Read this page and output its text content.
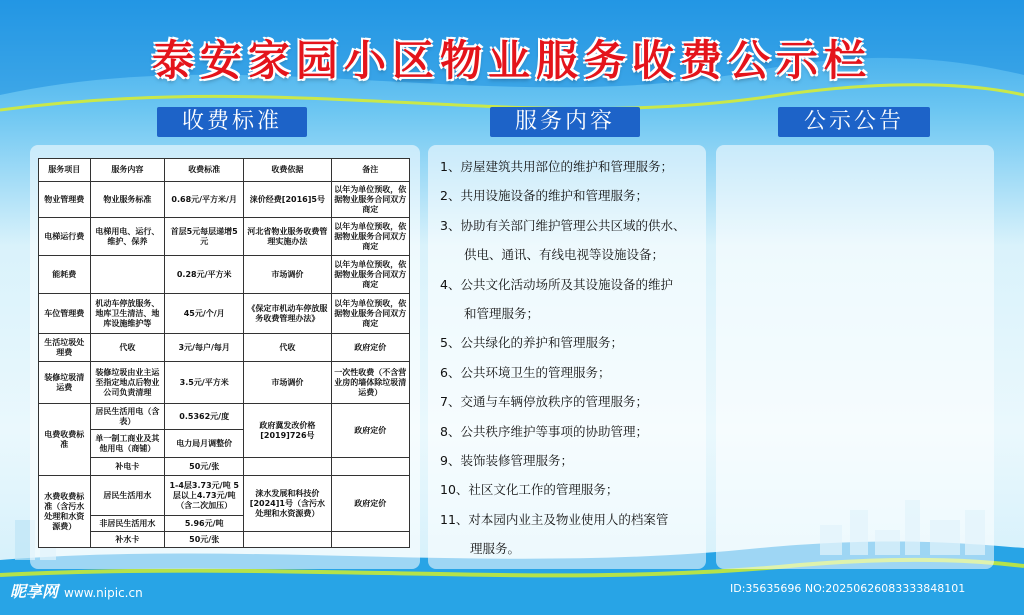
泰安家园小区物业服务收费公示栏
收费标准	服务内容	公示公告
服务项目	服务内容	收费标准	收费依据	备注
物业管理费	物业服务标准	0.68元/平方米/月	涞价经费[2016]5号	以年为单位预收，依据物业服务合同双方商定
电梯运行费	电梯用电、运行、维护、保养	首层5元每层递增5元	河北省物业服务收费管理实施办法	以年为单位预收，依据物业服务合同双方商定
能耗费		0.28元/平方米	市场调价	以年为单位预收，依据物业服务合同双方商定
车位管理费	机动车停放服务、地库卫生清洁、地库设施维护等	45元/个/月	《保定市机动车停放服务收费管理办法》	以年为单位预收，依据物业服务合同双方商定
生活垃圾处理费	代收	3元/每户/每月	代收	政府定价
装修垃圾清运费	装修垃圾由业主运至指定地点后物业公司负责清理	3.5元/平方米	市场调价	一次性收费（不含营业房的墙体除垃圾清运费）
电费收费标准	居民生活用电（含表）	0.5362元/度	政府冀发改价格[2019]726号	政府定价
	单一制工商业及其他用电（商铺）	电力局月调整价		
	补电卡	50元/张		
水费收费标准（含污水处理和水资源费）	居民生活用水	1-4层3.73元/吨 5层以上4.73元/吨（含二次加压）	涞水发展和科技价[2024]1号（含污水处理和水资源费）	政府定价
	非居民生活用水	5.96元/吨		
	补水卡	50元/张		
1、房屋建筑共用部位的维护和管理服务；
2、共用设施设备的维护和管理服务；
3、协助有关部门维护管理公共区域的供水、
供电、通讯、有线电视等设施设备；
4、公共文化活动场所及其设施设备的维护
和管理服务；
5、公共绿化的养护和管理服务；
6、公共环境卫生的管理服务；
7、交通与车辆停放秩序的管理服务；
8、公共秩序维护等事项的协助管理；
9、装饰装修管理服务；
10、社区文化工作的管理服务；
11、对本园内业主及物业使用人的档案管
理服务。
昵享网 www.nipic.cn	ID:35635696 NO:20250626083333848101
